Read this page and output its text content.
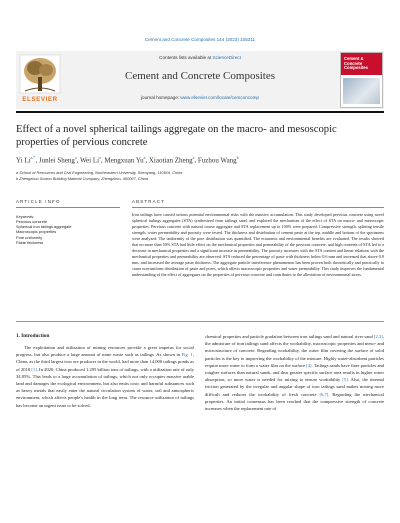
Cement and Concrete Composites 144 (2023) 105311
ELSEVIER
Contents lists available at ScienceDirect
Cement and Concrete Composites
journal homepage: www.elsevier.com/locate/cemconcomp
Cement & Concrete Composites
Effect of a novel spherical tailings aggregate on the macro- and mesoscopic properties of pervious concrete
Yi $Li^{a,*}$, Junlei Sheng$^a$, Wei Li$^a$, Mengxuan Yu$^a$, Xiaotian Zheng$^a$, Fuzhou Wang$^b$
a School of Resources and Civil Engineering, Northeastern University, Shenyang, 110819, China
b Zhengzhou Sciaoo Building Material Company, Zhengzhou, 450007, China
ARTICLE INFO	ABSTRACT
Keywords:
Pervious concrete
Spherical iron tailings aggregate
Macroscopic properties
Pore uniformity
Paste thickness
Iron tailings have caused serious potential environmental risks with the massive accumulation. This study developed pervious concrete using novel spherical tailings aggregates (STA) synthesized from tailings sand, and explored the mechanism of the effect of STA on macro- and mesoscopic properties. Pervious concrete with natural coarse aggregate and STA replacement up to 100% were prepared. Compressive strength, splitting tensile strength, water permeability and porosity were tested. The thickness and distribution of cement paste at the top, middle and bottom of the specimens were analyzed. The uniformity of the pore distribution was quantified. The economic and environmental benefits are evaluated. The results showed that no more than 50% STA had little effect on the mechanical properties and permeability of the pervious concrete, and high contents of STA led to a decrease in mechanical properties and a significant increase in permeability. The porosity increases with the STA content and linear relations with the mechanical properties and permeability are observed. STA reduced the percentage of paste with thickness below 0.6 mm and increased that above 0.9 mm, and increased the average paste thickness. The aggregate particle interference phenomenon has been proven both theoretically and practically to cause non-uniform distribution of paste and pores, which affects macroscopic properties and water permeability. This study improves the fundamental understanding of the effect of aggregates on the properties of pervious concrete and contributes to the alleviation of environmental stress.
1. Introduction

The exploitation and utilization of mining resources provide a great impetus for social progress, but also produce a large amount of mine waste such as tailings. As shown in Fig. 1, China, as the third largest iron ore producer in the world, had more than 14,000 tailings ponds as of 2018 [1]. In 2020, China produced 1.295 billion tons of tailings, with a utilization rate of only 34.05%. This leads to a large accumulation of tailings, which not only occupies massive arable land and damages the ecological environment, but also emits toxic and harmful substances such as heavy metals that easily enter the natural circulation system of water, soil and atmospheric environment, which affects people's health in the long term. The resource utilization of tailings has become an urgent issue to be solved.

chemical properties and particle gradation between iron tailings sand and natural river sand [2,3], the admixture of iron tailings sand affects the workability, macroscopic properties and meso- and microstructure of concrete. Regarding workability, the water film covering the surface of solid particles is the key to improving the workability of the mixture. Highly water-absorbent particles require more water to form a water film on the surface [4]. Tailings sands have finer particles and rougher surfaces than natural sands, and thus greater specific surface area results in higher water absorption, so more water is needed for mixing to ensure workability [5]. Also, the internal friction generated by the irregular and angular shape of iron tailings sand makes mixing more difficult and reduces the workability of fresh concrete [6,7]. Regarding the mechanical properties. An initial consensus has been reached that the compressive strength of concrete increases when the replacement rate of
